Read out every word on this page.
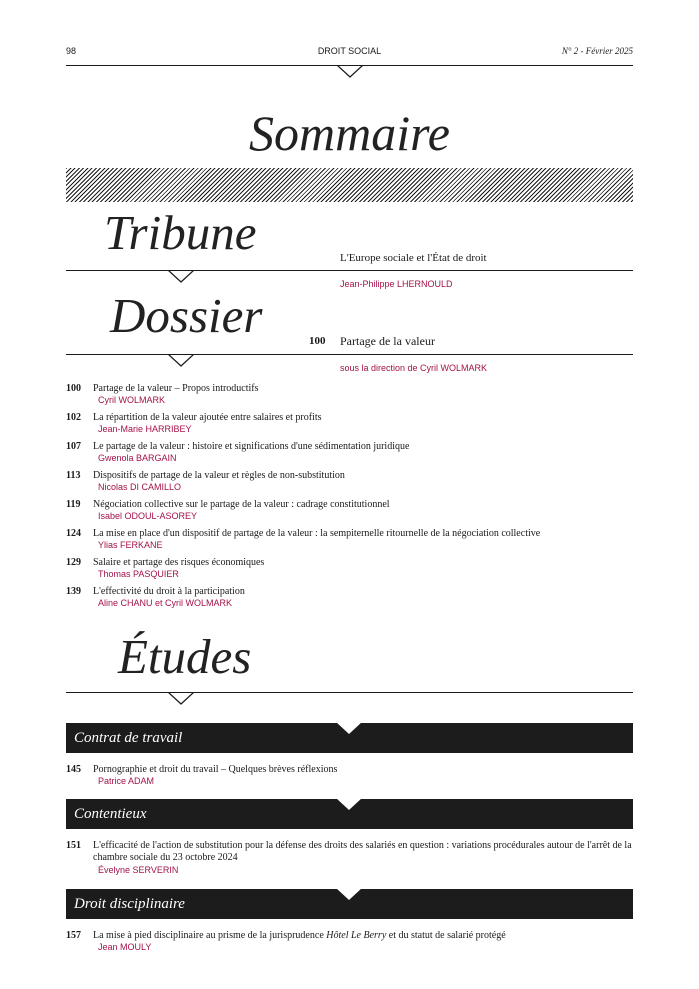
98	DROIT SOCIAL	N° 2 - Février 2025
Sommaire
Tribune	L'Europe sociale et l'État de droit
Jean-Philippe LHERNOULD
Dossier	100 Partage de la valeur
sous la direction de Cyril WOLMARK
100	Partage de la valeur – Propos introductifs
Cyril WOLMARK
102	La répartition de la valeur ajoutée entre salaires et profits
Jean-Marie HARRIBEY
107	Le partage de la valeur : histoire et significations d'une sédimentation juridique
Gwenola BARGAIN
113	Dispositifs de partage de la valeur et règles de non-substitution
Nicolas DI CAMILLO
119	Négociation collective sur le partage de la valeur : cadrage constitutionnel
Isabel ODOUL-ASOREY
124	La mise en place d'un dispositif de partage de la valeur : la sempiternelle ritournelle de la négociation collective
Ylias FERKANE
129	Salaire et partage des risques économiques
Thomas PASQUIER
139	L'effectivité du droit à la participation
Aline CHANU et Cyril WOLMARK
Études
Contrat de travail
145	Pornographie et droit du travail – Quelques brèves réflexions
Patrice ADAM
Contentieux
151	L'efficacité de l'action de substitution pour la défense des droits des salariés en question : variations procédurales autour de l'arrêt de la chambre sociale du 23 octobre 2024
Évelyne SERVERIN
Droit disciplinaire
157	La mise à pied disciplinaire au prisme de la jurisprudence Hôtel Le Berry et du statut de salarié protégé
Jean MOULY
